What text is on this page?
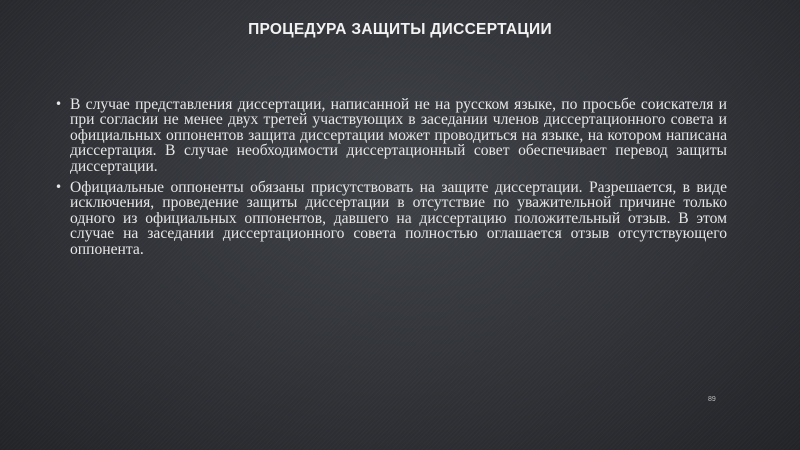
ПРОЦЕДУРА ЗАЩИТЫ ДИССЕРТАЦИИ
• В случае представления диссертации, написанной не на русском языке, по просьбе соискателя и при согласии не менее двух третей участвующих в заседании членов диссертационного совета и официальных оппонентов защита диссертации может проводиться на языке, на котором написана диссертация. В случае необходимости диссертационный совет обеспечивает перевод защиты диссертации.
• Официальные оппоненты обязаны присутствовать на защите диссертации. Разрешается, в виде исключения, проведение защиты диссертации в отсутствие по уважительной причине только одного из официальных оппонентов, давшего на диссертацию положительный отзыв. В этом случае на заседании диссертационного совета полностью оглашается отзыв отсутствующего оппонента.
89
